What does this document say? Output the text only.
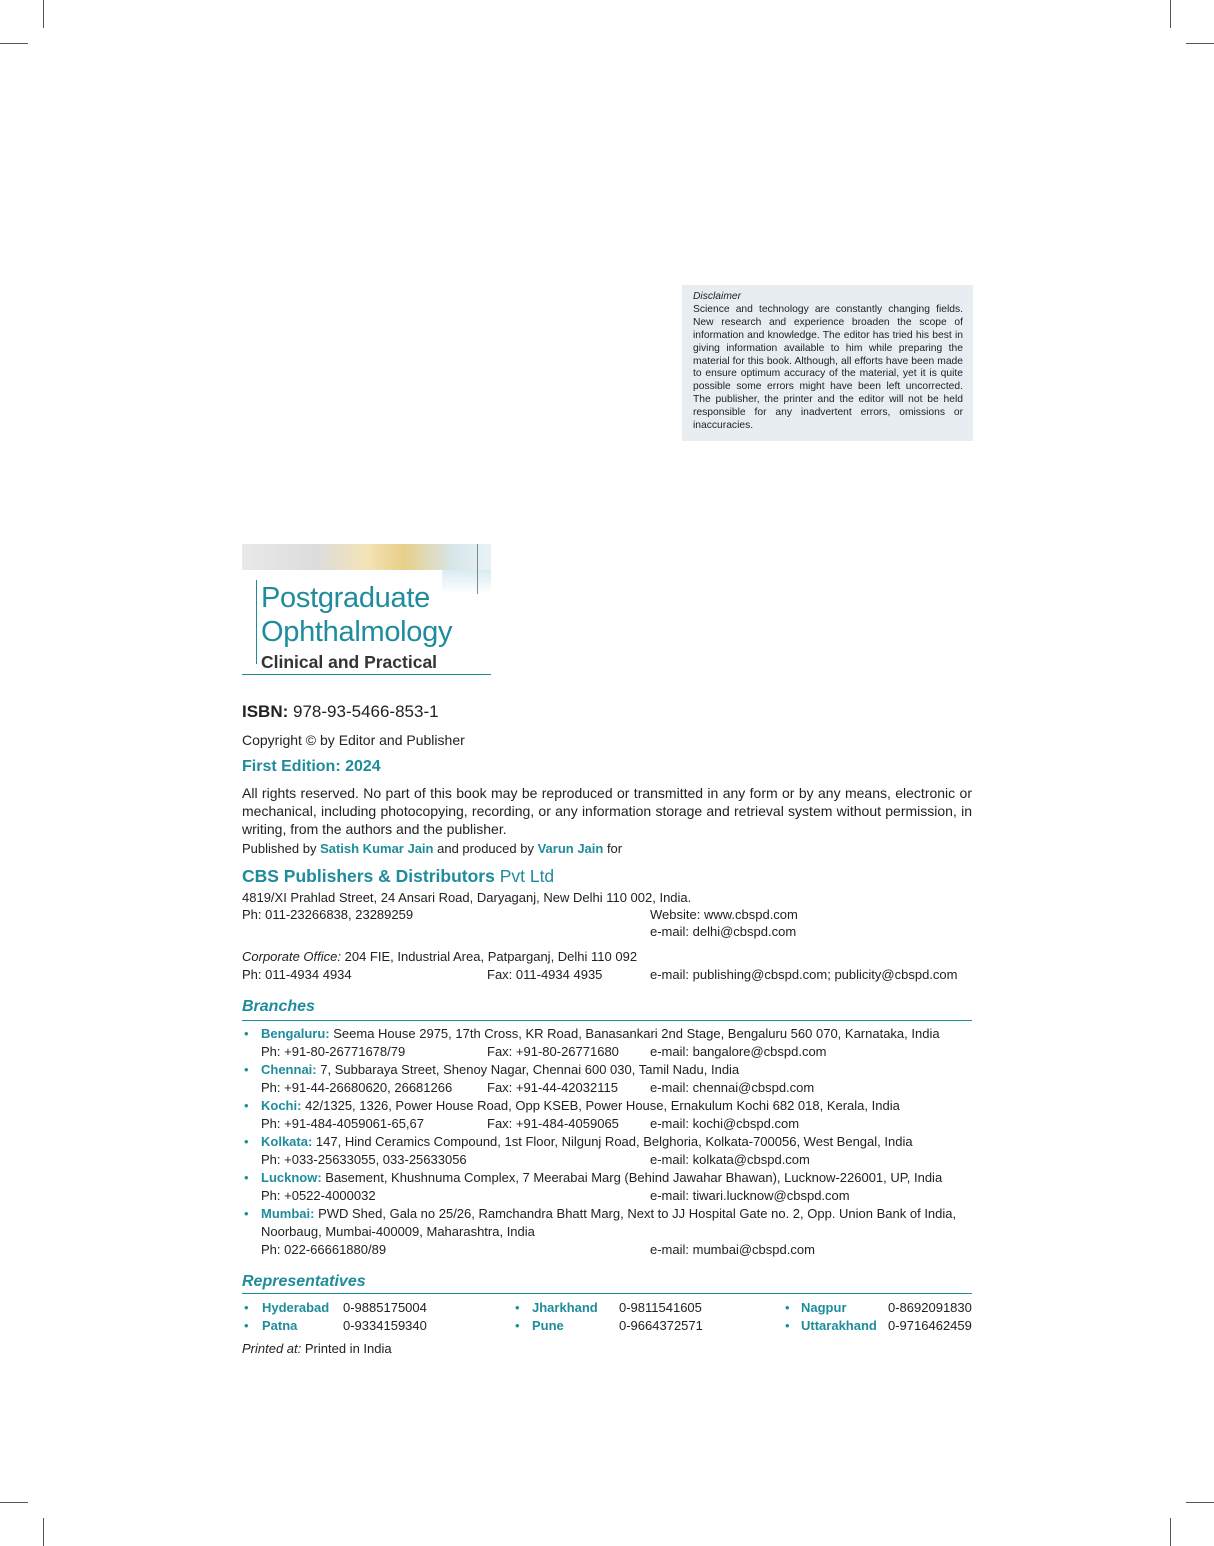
Disclaimer
Science and technology are constantly changing fields. New research and experience broaden the scope of information and knowledge. The editor has tried his best in giving information available to him while preparing the material for this book. Although, all efforts have been made to ensure optimum accuracy of the material, yet it is quite possible some errors might have been left uncorrected. The publisher, the printer and the editor will not be held responsible for any inadvertent errors, omissions or inaccuracies.
Postgraduate
Ophthalmology
Clinical and Practical
ISBN: 978-93-5466-853-1
Copyright © by Editor and Publisher
First Edition: 2024
All rights reserved. No part of this book may be reproduced or transmitted in any form or by any means, electronic or mechanical, including photocopying, recording, or any information storage and retrieval system without permission, in writing, from the authors and the publisher.
Published by Satish Kumar Jain and produced by Varun Jain for
CBS Publishers & Distributors Pvt Ltd
4819/XI Prahlad Street, 24 Ansari Road, Daryaganj, New Delhi 110 002, India.
Ph: 011-23266838, 23289259	Website: www.cbspd.com
e-mail: delhi@cbspd.com
Corporate Office: 204 FIE, Industrial Area, Patparganj, Delhi 110 092
Ph: 011-4934 4934	Fax: 011-4934 4935	e-mail: publishing@cbspd.com; publicity@cbspd.com
Branches
• Bengaluru: Seema House 2975, 17th Cross, KR Road, Banasankari 2nd Stage, Bengaluru 560 070, Karnataka, India
Ph: +91-80-26771678/79	Fax: +91-80-26771680 e-mail: bangalore@cbspd.com
• Chennai: 7, Subbaraya Street, Shenoy Nagar, Chennai 600 030, Tamil Nadu, India
Ph: +91-44-26680620, 26681266	Fax: +91-44-42032115 e-mail: chennai@cbspd.com
• Kochi: 42/1325, 1326, Power House Road, Opp KSEB, Power House, Ernakulum Kochi 682 018, Kerala, India
Ph: +91-484-4059061-65,67	Fax: +91-484-4059065 e-mail: kochi@cbspd.com
• Kolkata: 147, Hind Ceramics Compound, 1st Floor, Nilgunj Road, Belghoria, Kolkata-700056, West Bengal, India
Ph: +033-25633055, 033-25633056	e-mail: kolkata@cbspd.com
• Lucknow: Basement, Khushnuma Complex, 7 Meerabai Marg (Behind Jawahar Bhawan), Lucknow-226001, UP, India
Ph: +0522-4000032	e-mail: tiwari.lucknow@cbspd.com
• Mumbai: PWD Shed, Gala no 25/26, Ramchandra Bhatt Marg, Next to JJ Hospital Gate no. 2, Opp. Union Bank of India,
Noorbaug, Mumbai-400009, Maharashtra, India
Ph: 022-66661880/89	e-mail: mumbai@cbspd.com
Representatives
• Hyderabad 0-9885175004	• Jharkhand 0-9811541605	• Nagpur	0-8692091830
• Patna	0-9334159340	• Pune	0-9664372571	• Uttarakhand 0-9716462459
Printed at: Printed in India
